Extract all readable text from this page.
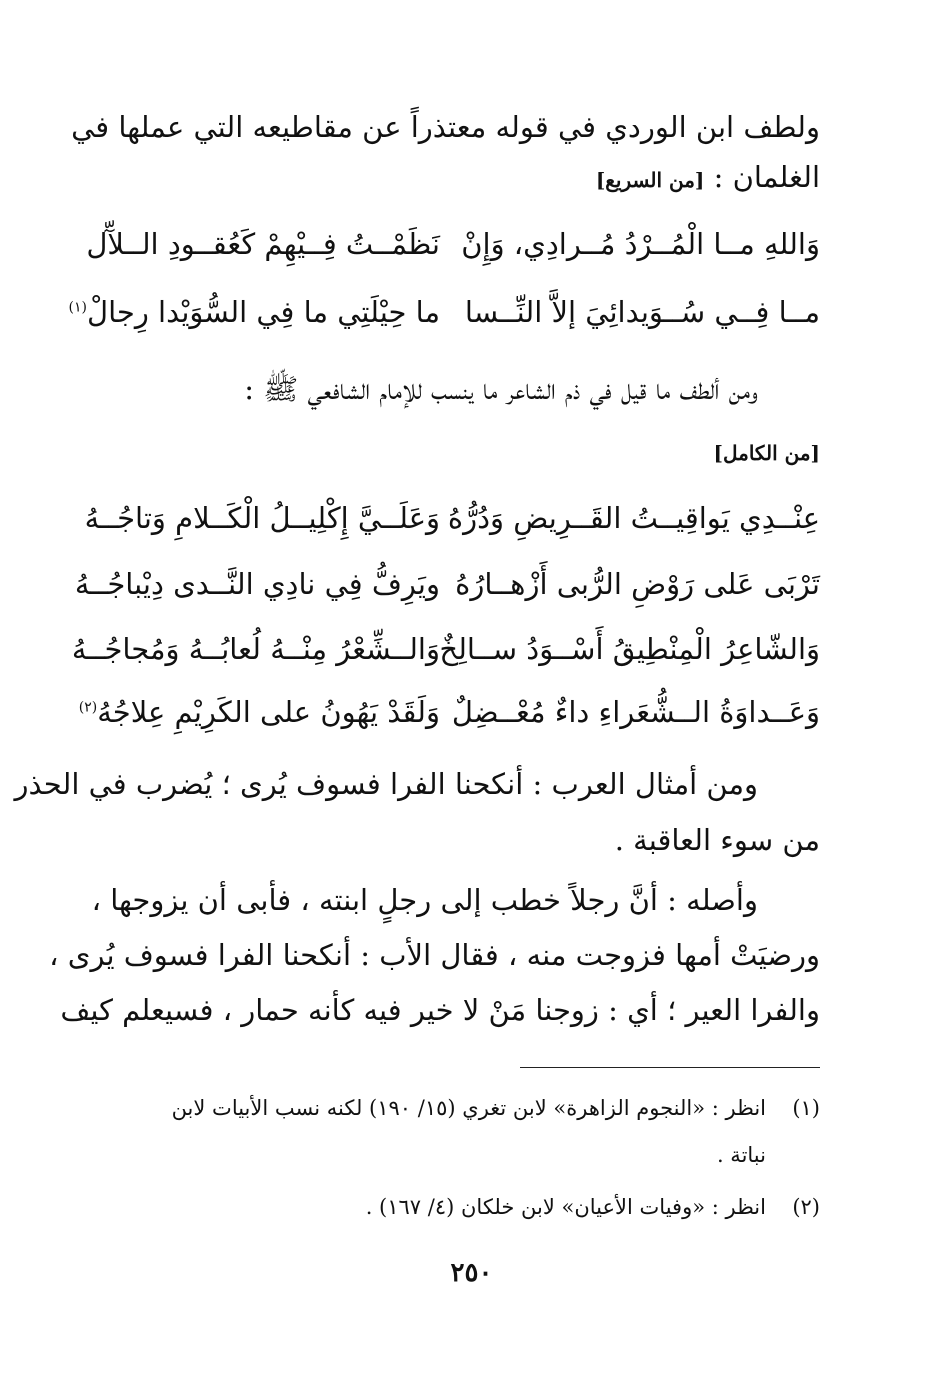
ولطف ابن الوردي في قوله معتذراً عن مقاطيعه التي عملها في
الغلمان : [من السريع]
وَاللهِ مــا الْمُــرْدُ مُــرادِي، وَإِنْ
نَظَمْــتُ فِــيْهِمْ كَعُقــودِ الــلآّل
مــا فِــي سُــوَيدائِيَ إلاَّ النِّــسا
ما حِيْلَتِي ما فِي السُّوَيْدا رِجالْ$^{(١)}$
ومن ألطف ما قيل في ذم الشاعر ما ينسب للإمام الشافعي ﷺ :
[من الكامل]
عِنْــدِي يَواقِيــتُ القَــرِيضِ وَدُرُّهُ
وَعَلَــيَّ إِكْلِيــلُ الْكَــلامِ وَتاجُــهُ
تَرْبَى عَلى رَوْضِ الرُّبى أَزْهــارُهُ
ويَرِفُّ فِي نادِي النَّــدى دِيْباجُــهُ
وَالشّاعِرُ الْمِنْطِيقُ أَسْــوَدُ ســالِخٌ
وَالــشِّعْرُ مِنْــهُ لُعابُــهُ وَمُجاجُــهُ
وَعَــداوَةُ الــشُّعَراءِ داءٌ مُعْــضِلٌ
وَلَقَدْ يَهُونُ على الكَرِيْمِ عِلاجُهُ$^{(٢)}$
ومن أمثال العرب : أنكحنا الفرا فسوف يُرى ؛ يُضرب في الحذر
من سوء العاقبة .
وأصله : أنَّ رجلاً خطب إلى رجلٍ ابنته ، فأبى أن يزوجها ،
ورضيَتْ أمها فزوجت منه ، فقال الأب : أنكحنا الفرا فسوف يُرى ،
والفرا العير ؛ أي : زوجنا مَنْ لا خير فيه كأنه حمار ، فسيعلم كيف
(١)انظر : «النجوم الزاهرة» لابن تغري (١٥/ ١٩٠) لكنه نسب الأبيات لابن
نباتة .
(٢)انظر : «وفيات الأعيان» لابن خلكان (٤/ ١٦٧) .
٢٥٠
